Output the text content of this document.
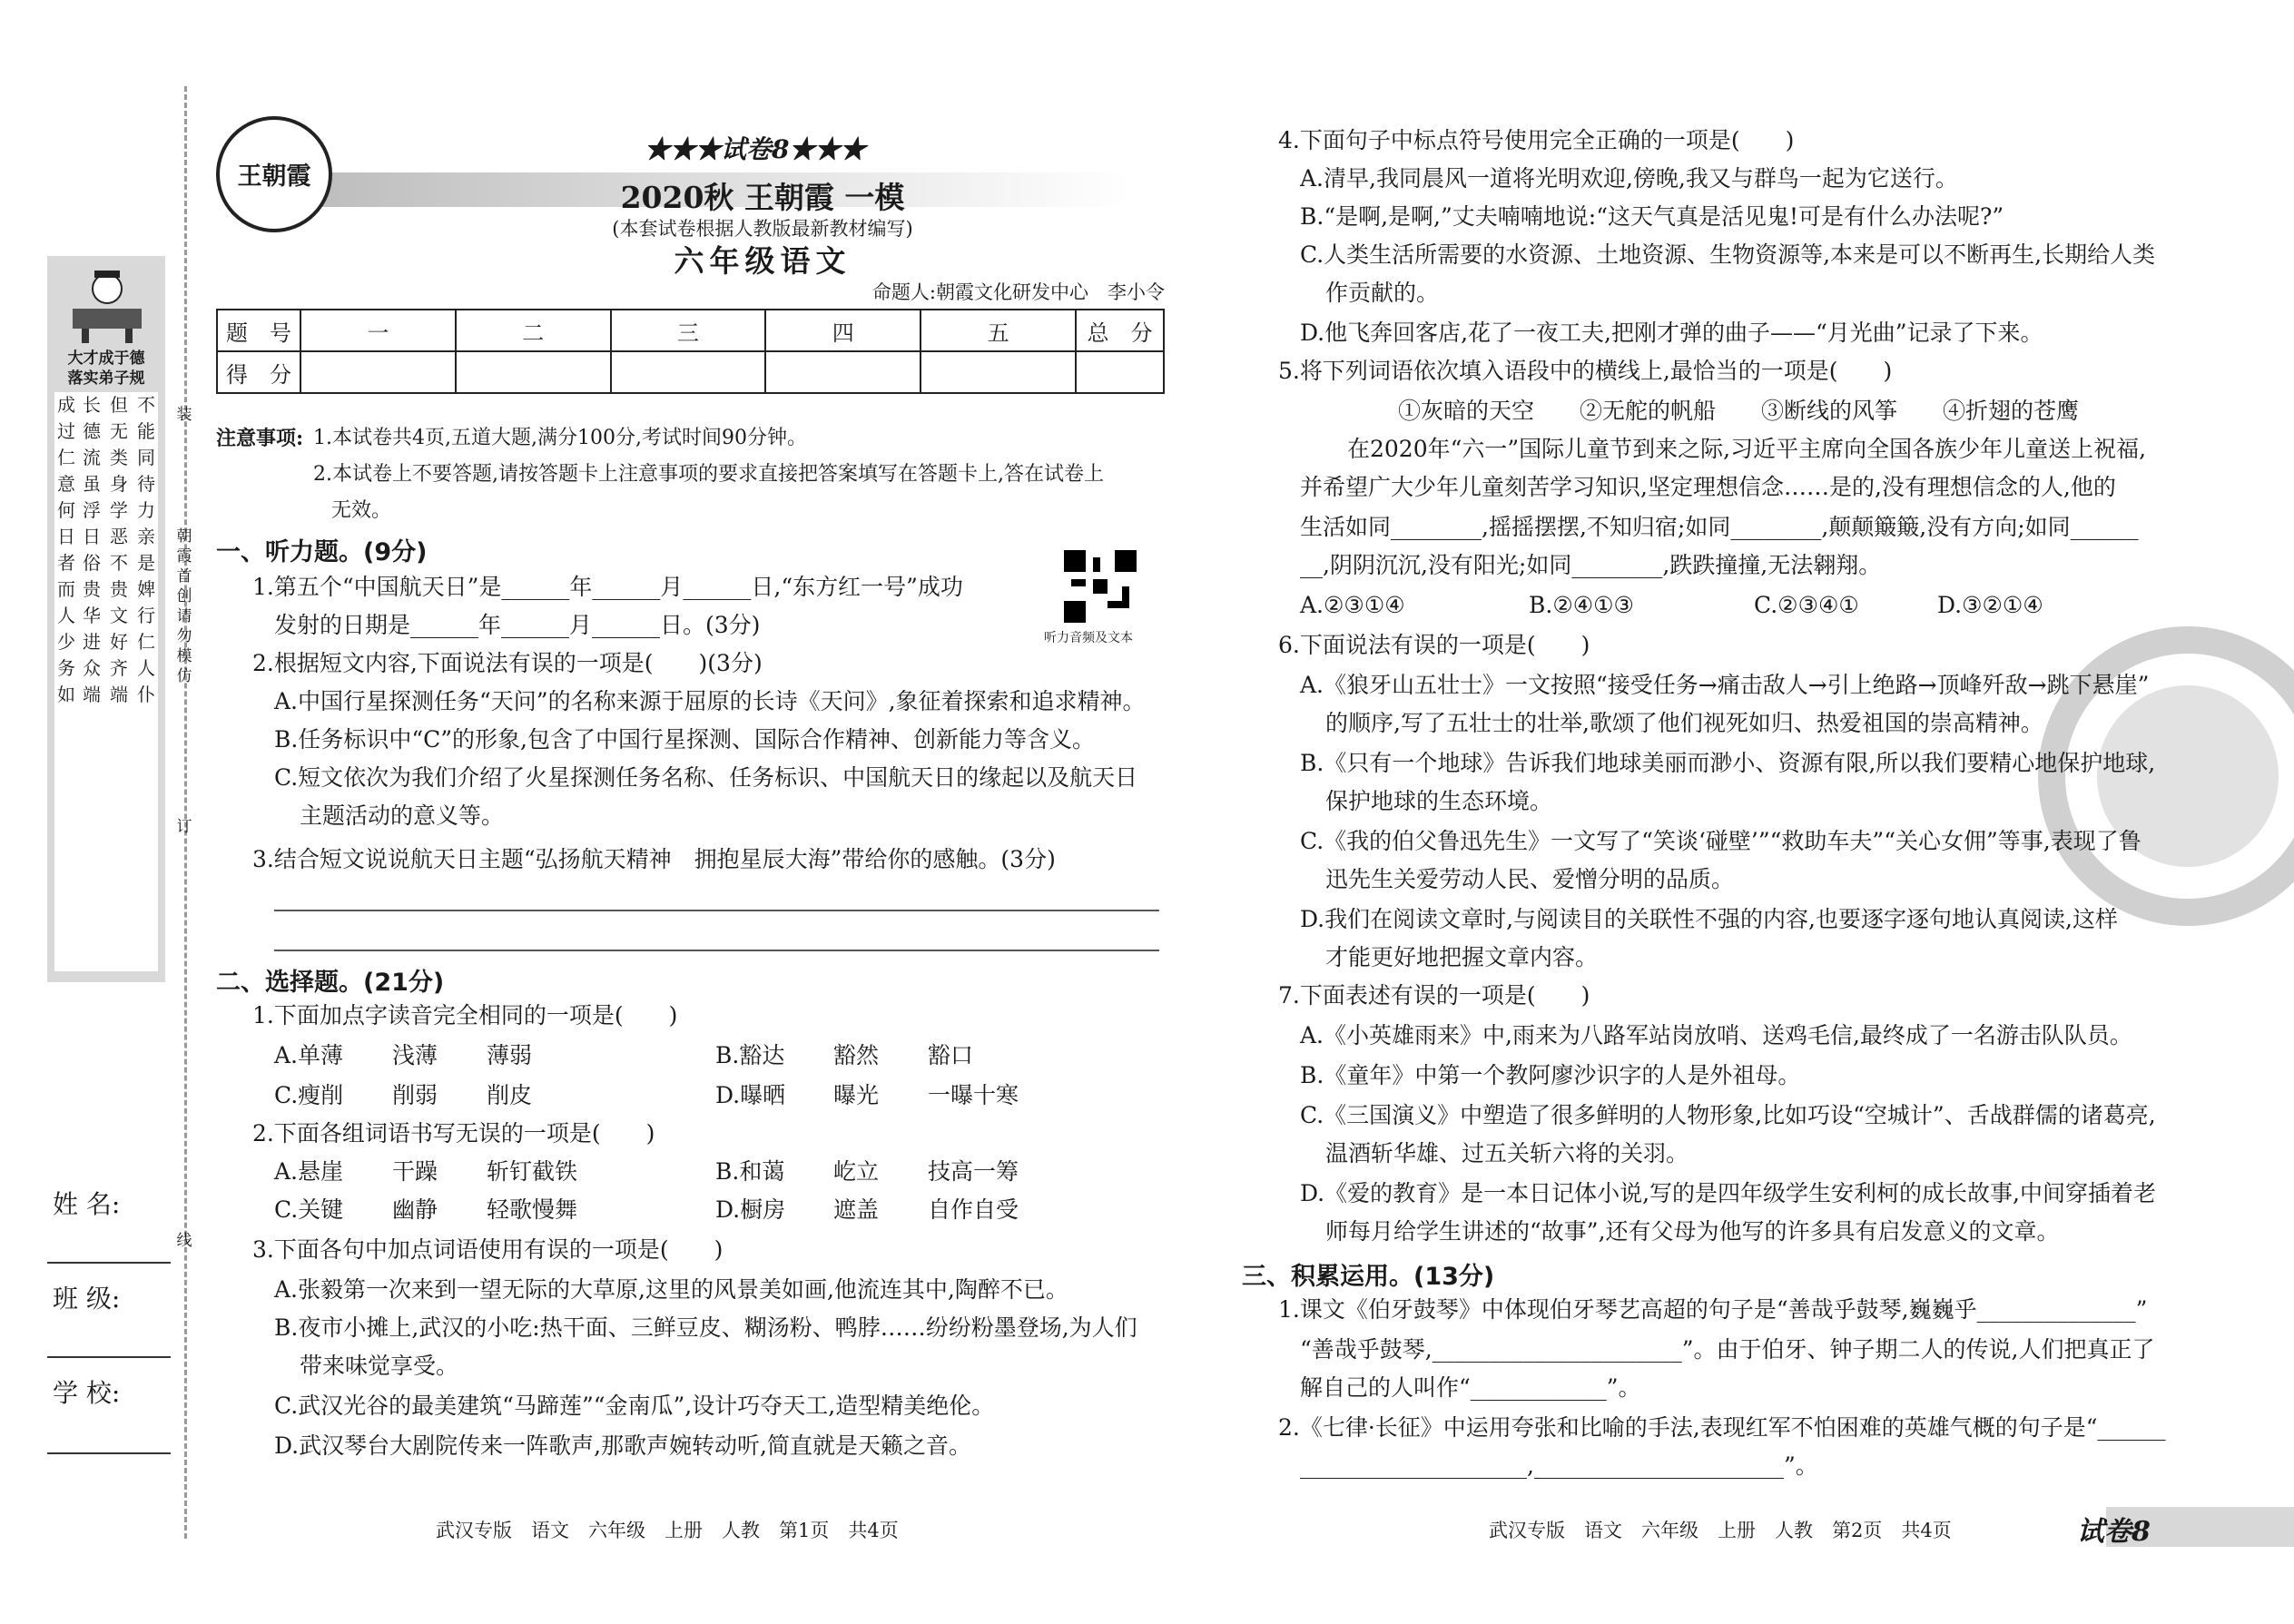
大才成于德
落实弟子规
不能同待力亲是婢行仁人仆
但无类身学恶不贵文好齐端
长德流虽浮日俗贵华进众端
成过仁意何日者而人少务如
装
朝霞首创 请勿模仿
订
线
姓 名:
班 级:
学 校:
王朝霞
★★★试卷8★★★
2020秋 王朝霞 一模
(本套试卷根据人教版最新教材编写)
六年级语文
命题人:朝霞文化研发中心　李小令
题　号	一	二	三	四	五	总　分
得　分						
注意事项: 1.本试卷共4页,五道大题,满分100分,考试时间90分钟。
2.本试卷上不要答题,请按答题卡上注意事项的要求直接把答案填写在答题卡上,答在试卷上
无效。
一、听力题。(9分)
听力音频及文本
1.第五个“中国航天日”是______年______月______日,“东方红一号”成功
发射的日期是______年______月______日。(3分)
2.根据短文内容,下面说法有误的一项是(　　)(3分)
A.中国行星探测任务“天问”的名称来源于屈原的长诗《天问》,象征着探索和追求精神。
B.任务标识中“C”的形象,包含了中国行星探测、国际合作精神、创新能力等含义。
C.短文依次为我们介绍了火星探测任务名称、任务标识、中国航天日的缘起以及航天日
主题活动的意义等。
3.结合短文说说航天日主题“弘扬航天精神　拥抱星辰大海”带给你的感触。(3分)
二、选择题。(21分)
1.下面加点字读音完全相同的一项是(　　)
A.单薄 浅薄 薄弱	B.豁达 豁然 豁口
C.瘦削 削弱 削皮	D.曝晒 曝光 一曝十寒
2.下面各组词语书写无误的一项是(　　)
A.悬崖 干躁 斩钉截铁	B.和蔼 屹立 技高一筹
C.关键 幽静 轻歌慢舞	D.橱房 遮盖 自作自受
3.下面各句中加点词语使用有误的一项是(　　)
A.张毅第一次来到一望无际的大草原,这里的风景美如画,他流连其中,陶醉不已。
B.夜市小摊上,武汉的小吃:热干面、三鲜豆皮、糊汤粉、鸭脖……纷纷粉墨登场,为人们
带来味觉享受。
C.武汉光谷的最美建筑“马蹄莲”“金南瓜”,设计巧夺天工,造型精美绝伦。
D.武汉琴台大剧院传来一阵歌声,那歌声婉转动听,简直就是天籁之音。
武汉专版　语文　六年级　上册　人教　第1页　共4页
4.下面句子中标点符号使用完全正确的一项是(　　)
A.清早,我同晨风一道将光明欢迎,傍晚,我又与群鸟一起为它送行。
B.“是啊,是啊,”丈夫喃喃地说:“这天气真是活见鬼!可是有什么办法呢?”
C.人类生活所需要的水资源、土地资源、生物资源等,本来是可以不断再生,长期给人类
作贡献的。
D.他飞奔回客店,花了一夜工夫,把刚才弹的曲子——“月光曲”记录了下来。
5.将下列词语依次填入语段中的横线上,最恰当的一项是(　　)
①灰暗的天空　　②无舵的帆船　　③断线的风筝　　④折翅的苍鹰
在2020年“六一”国际儿童节到来之际,习近平主席向全国各族少年儿童送上祝福,
并希望广大少年儿童刻苦学习知识,坚定理想信念……是的,没有理想信念的人,他的
生活如同________,摇摇摆摆,不知归宿;如同________,颠颠簸簸,没有方向;如同______
__,阴阴沉沉,没有阳光;如同________,跌跌撞撞,无法翱翔。
A.②③①④	B.②④①③	C.②③④①	D.③②①④
6.下面说法有误的一项是(　　)
A.《狼牙山五壮士》一文按照“接受任务→痛击敌人→引上绝路→顶峰歼敌→跳下悬崖”
的顺序,写了五壮士的壮举,歌颂了他们视死如归、热爱祖国的崇高精神。
B.《只有一个地球》告诉我们地球美丽而渺小、资源有限,所以我们要精心地保护地球,
保护地球的生态环境。
C.《我的伯父鲁迅先生》一文写了“笑谈‘碰壁’”“救助车夫”“关心女佣”等事,表现了鲁
迅先生关爱劳动人民、爱憎分明的品质。
D.我们在阅读文章时,与阅读目的关联性不强的内容,也要逐字逐句地认真阅读,这样
才能更好地把握文章内容。
7.下面表述有误的一项是(　　)
A.《小英雄雨来》中,雨来为八路军站岗放哨、送鸡毛信,最终成了一名游击队队员。
B.《童年》中第一个教阿廖沙识字的人是外祖母。
C.《三国演义》中塑造了很多鲜明的人物形象,比如巧设“空城计”、舌战群儒的诸葛亮,
温酒斩华雄、过五关斩六将的关羽。
D.《爱的教育》是一本日记体小说,写的是四年级学生安利柯的成长故事,中间穿插着老
师每月给学生讲述的“故事”,还有父母为他写的许多具有启发意义的文章。
三、积累运用。(13分)
1.课文《伯牙鼓琴》中体现伯牙琴艺高超的句子是“善哉乎鼓琴,巍巍乎______________”
“善哉乎鼓琴,______________________”。由于伯牙、钟子期二人的传说,人们把真正了
解自己的人叫作“____________”。
2.《七律·长征》中运用夸张和比喻的手法,表现红军不怕困难的英雄气概的句子是“______
____________________,______________________”。
武汉专版　语文　六年级　上册　人教　第2页　共4页	试卷8
